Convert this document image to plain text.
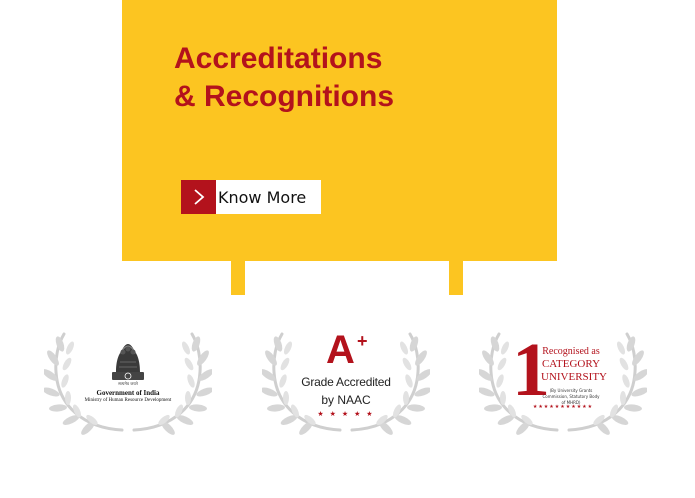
Accreditations
& Recognitions
Know More
सत्यमेव जयते
Government of India
Ministry of Human Resource Development
A +
Grade Accredited
by NAAC
★ ★ ★ ★ ★
1
Recognised as
CATEGORY
UNIVERSITY
(By University Grants Commission, Statutory Body of MHRD)
★★★★★★★★★★★
